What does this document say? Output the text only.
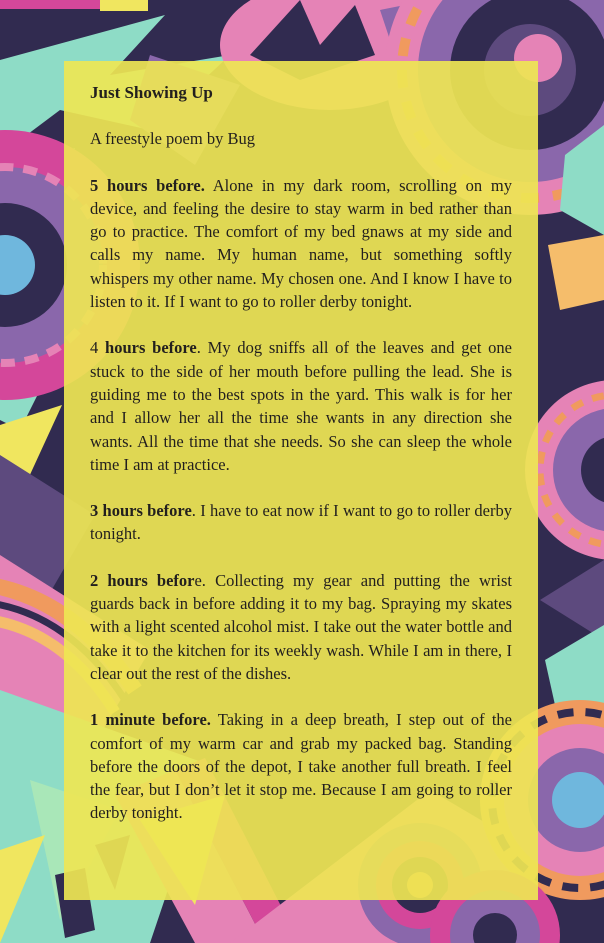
Just Showing Up

A freestyle poem by Bug

5 hours before. Alone in my dark room, scrolling on my device, and feeling the desire to stay warm in bed rather than go to practice. The comfort of my bed gnaws at my side and calls my name. My human name, but something softly whispers my other name. My chosen one. And I know I have to listen to it. If I want to go to roller derby tonight.

4 hours before. My dog sniffs all of the leaves and get one stuck to the side of her mouth before pulling the lead. She is guiding me to the best spots in the yard. This walk is for her and I allow her all the time she wants in any direction she wants. All the time that she needs. So she can sleep the whole time I am at practice.

3 hours before. I have to eat now if I want to go to roller derby tonight.

2 hours before. Collecting my gear and putting the wrist guards back in before adding it to my bag. Spraying my skates with a light scented alcohol mist. I take out the water bottle and take it to the kitchen for its weekly wash. While I am in there, I clear out the rest of the dishes.

1 minute before. Taking in a deep breath, I step out of the comfort of my warm car and grab my packed bag. Standing before the doors of the depot, I take another full breath. I feel the fear, but I don’t let it stop me. Because I am going to roller derby tonight.
